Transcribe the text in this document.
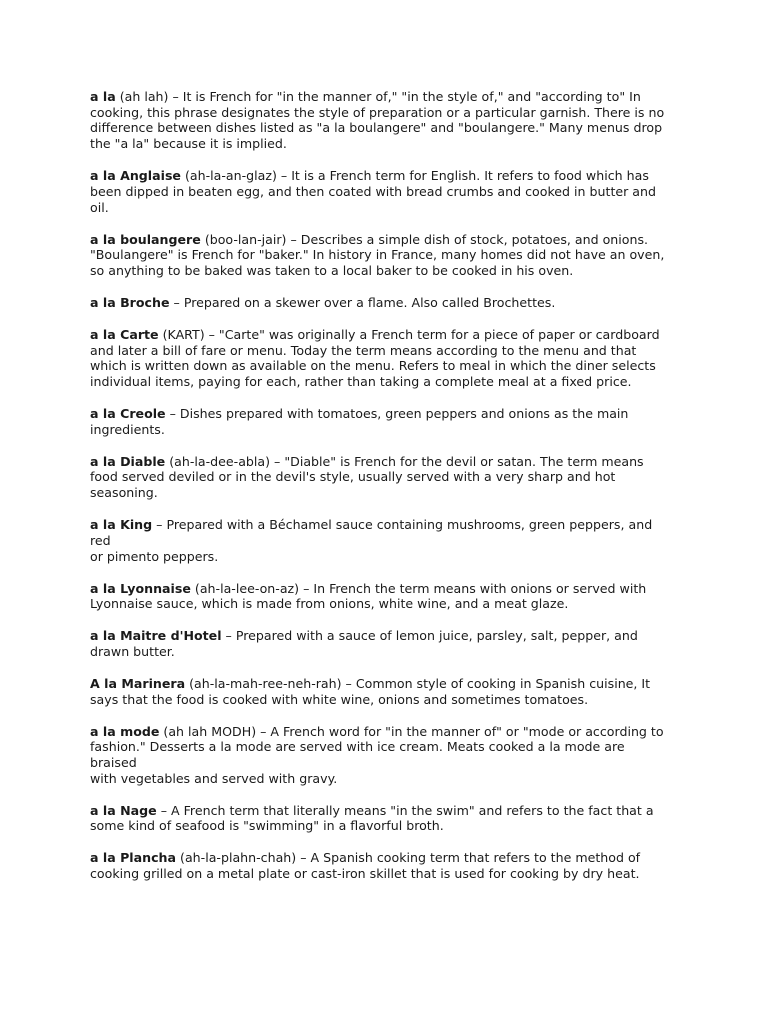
a la (ah lah) – It is French for "in the manner of," "in the style of," and "according to" In
cooking, this phrase designates the style of preparation or a particular garnish. There is no
difference between dishes listed as "a la boulangere" and "boulangere." Many menus drop
the "a la" because it is implied.

a la Anglaise (ah-la-an-glaz) – It is a French term for English. It refers to food which has
been dipped in beaten egg, and then coated with bread crumbs and cooked in butter and
oil.

a la boulangere (boo-lan-jair) – Describes a simple dish of stock, potatoes, and onions.
"Boulangere" is French for "baker." In history in France, many homes did not have an oven,
so anything to be baked was taken to a local baker to be cooked in his oven.

a la Broche – Prepared on a skewer over a flame. Also called Brochettes.

a la Carte (KART) – "Carte" was originally a French term for a piece of paper or cardboard
and later a bill of fare or menu. Today the term means according to the menu and that
which is written down as available on the menu. Refers to meal in which the diner selects
individual items, paying for each, rather than taking a complete meal at a fixed price.

a la Creole – Dishes prepared with tomatoes, green peppers and onions as the main
ingredients.

a la Diable (ah-la-dee-abla) – "Diable" is French for the devil or satan. The term means
food served deviled or in the devil's style, usually served with a very sharp and hot
seasoning.

a la King – Prepared with a Béchamel sauce containing mushrooms, green peppers, and red
or pimento peppers.

a la Lyonnaise (ah-la-lee-on-az) – In French the term means with onions or served with
Lyonnaise sauce, which is made from onions, white wine, and a meat glaze.

a la Maitre d'Hotel – Prepared with a sauce of lemon juice, parsley, salt, pepper, and
drawn butter.

A la Marinera (ah-la-mah-ree-neh-rah) – Common style of cooking in Spanish cuisine, It
says that the food is cooked with white wine, onions and sometimes tomatoes.

a la mode (ah lah MODH) – A French word for "in the manner of" or "mode or according to
fashion." Desserts a la mode are served with ice cream. Meats cooked a la mode are braised
with vegetables and served with gravy.

a la Nage – A French term that literally means "in the swim" and refers to the fact that a
some kind of seafood is "swimming" in a flavorful broth.

a la Plancha (ah-la-plahn-chah) – A Spanish cooking term that refers to the method of
cooking grilled on a metal plate or cast-iron skillet that is used for cooking by dry heat.
